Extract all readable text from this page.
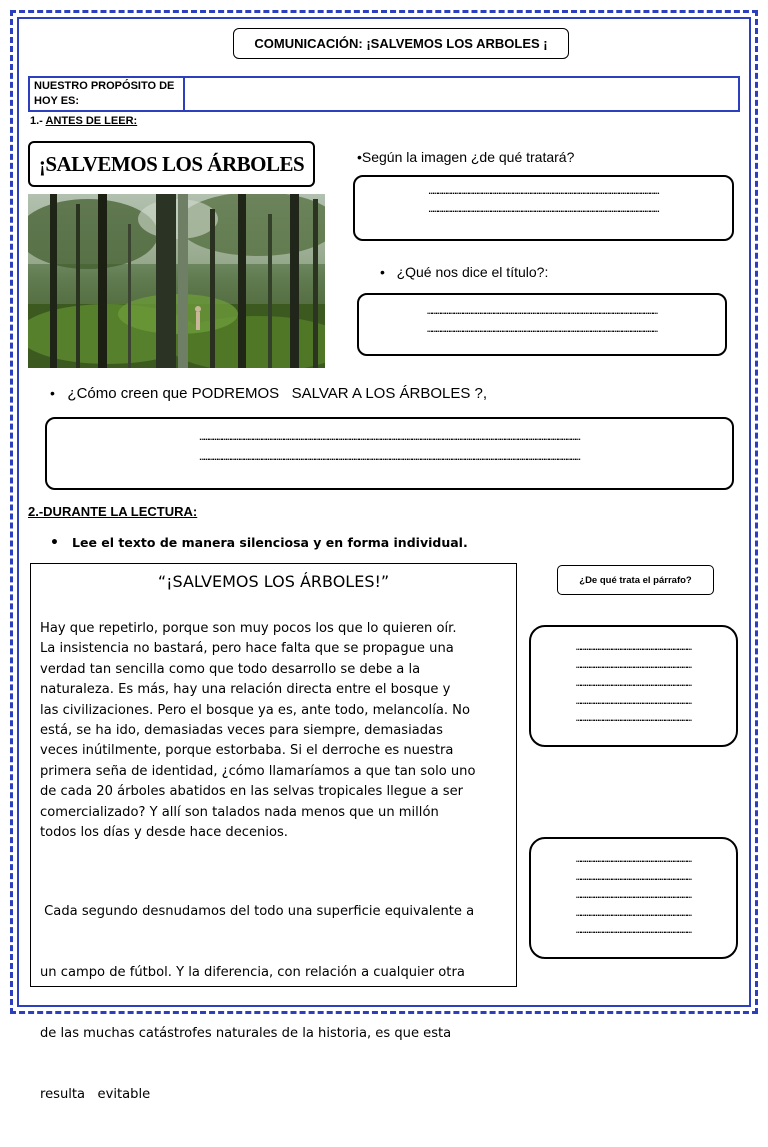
COMUNICACIÓN: ¡SALVEMOS LOS ARBOLES ¡
NUESTRO PROPÓSITO DE HOY ES:
1.- ANTES DE LEER:
¡SALVEMOS LOS ÁRBOLES	•Según la imagen ¿de qué tratará?
…………………………………………………………………………………………………………………………………………
…………………………………………………………………………………………………………………………………………
• ¿Qué nos dice el título?:
…………………………………………………………………………………………………………………………………………
…………………………………………………………………………………………………………………………………………
• ¿Cómo creen que PODREMOS   SALVAR A LOS ÁRBOLES ?,
……………………………………………………………………………………………………………………………………………………………………………………………………………………………………
……………………………………………………………………………………………………………………………………………………………………………………………………………………………………
2.-DURANTE LA LECTURA:
• Lee el texto de manera silenciosa y en forma individual.
“¡SALVEMOS LOS ÁRBOLES!”
Hay que repetirlo, porque son muy pocos los que lo quieren oír.
La insistencia no bastará, pero hace falta que se propague una
verdad tan sencilla como que todo desarrollo se debe a la
naturaleza. Es más, hay una relación directa entre el bosque y
las civilizaciones. Pero el bosque ya es, ante todo, melancolía. No
está, se ha ido, demasiadas veces para siempre, demasiadas
veces inútilmente, porque estorbaba. Si el derroche es nuestra
primera seña de identidad, ¿cómo llamaríamos a que tan solo uno
de cada 20 árboles abatidos en las selvas tropicales llegue a ser
comercializado? Y allí son talados nada menos que un millón
todos los días y desde hace decenios.

Cada segundo desnudamos del todo una superficie equivalente a

un campo de fútbol. Y la diferencia, con relación a cualquier otra

de las muchas catástrofes naturales de la historia, es que esta

resulta   evitable

¿De qué trata el párrafo?
……………………………………………………………………
……………………………………………………………………
……………………………………………………………………
……………………………………………………………………
……………………………………………………………………
……………………………………………………………………
……………………………………………………………………
……………………………………………………………………
……………………………………………………………………
……………………………………………………………………
